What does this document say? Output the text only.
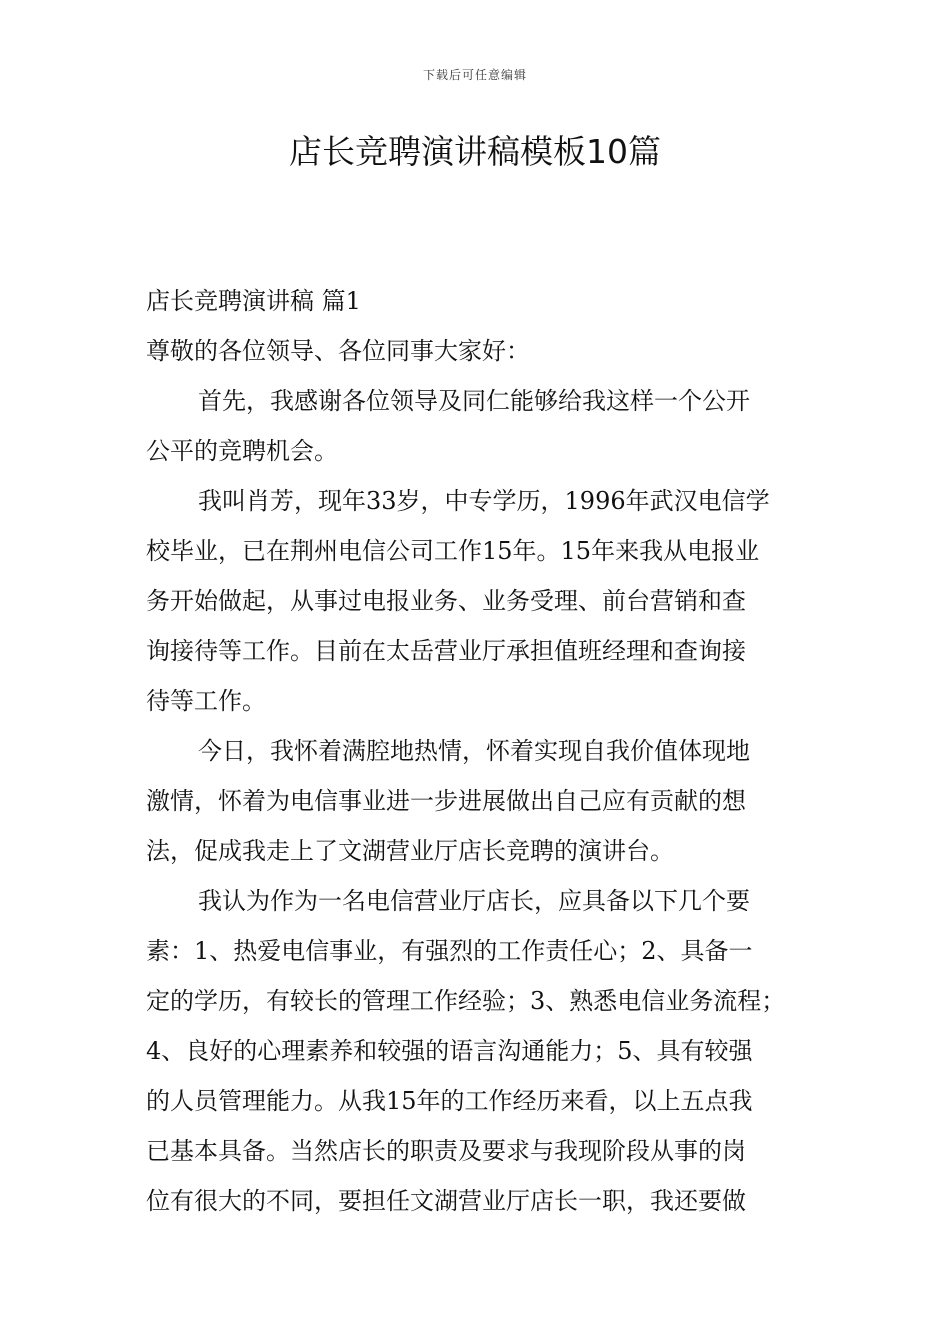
下载后可任意编辑
店长竞聘演讲稿模板10篇
店长竞聘演讲稿 篇1
尊敬的各位领导、各位同事大家好：
首先，我感谢各位领导及同仁能够给我这样一个公开
公平的竞聘机会。
我叫肖芳，现年33岁，中专学历，1996年武汉电信学
校毕业，已在荆州电信公司工作15年。15年来我从电报业
务开始做起，从事过电报业务、业务受理、前台营销和查
询接待等工作。目前在太岳营业厅承担值班经理和查询接
待等工作。
今日，我怀着满腔地热情，怀着实现自我价值体现地
激情，怀着为电信事业进一步进展做出自己应有贡献的想
法，促成我走上了文湖营业厅店长竞聘的演讲台。
我认为作为一名电信营业厅店长，应具备以下几个要
素：1、热爱电信事业，有强烈的工作责任心；2、具备一
定的学历，有较长的管理工作经验；3、熟悉电信业务流程；
4、良好的心理素养和较强的语言沟通能力；5、具有较强
的人员管理能力。从我15年的工作经历来看，以上五点我
已基本具备。当然店长的职责及要求与我现阶段从事的岗
位有很大的不同，要担任文湖营业厅店长一职，我还要做
